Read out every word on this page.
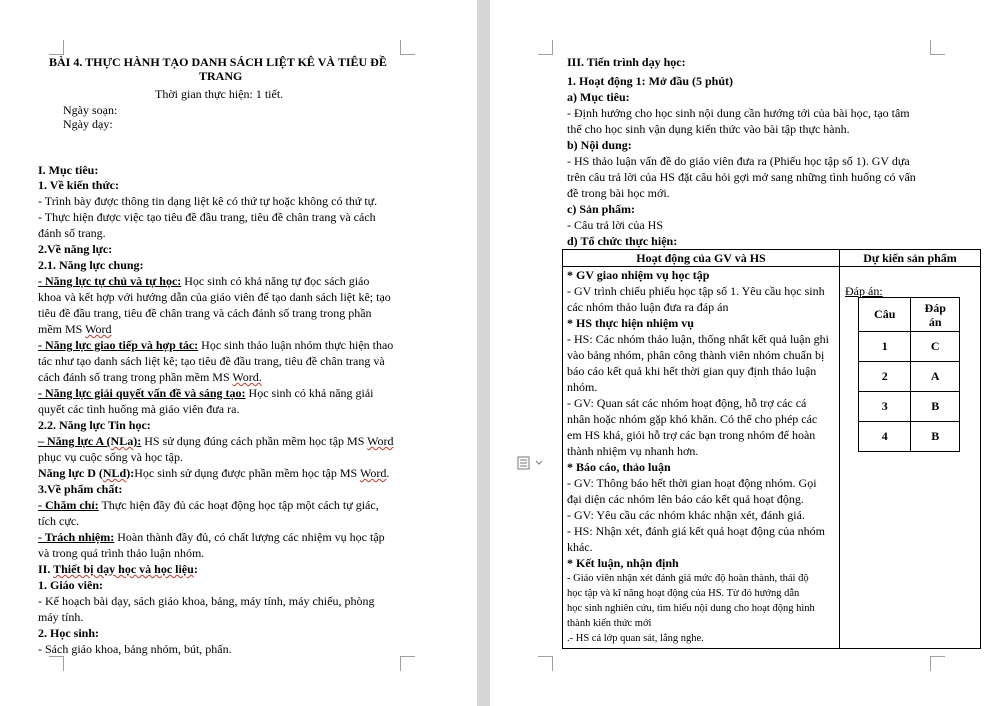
BÀI 4. THỰC HÀNH TẠO DANH SÁCH LIỆT KÊ VÀ TIÊU ĐỀ
TRANG
Thời gian thực hiện: 1 tiết.
Ngày soạn:
Ngày dạy:
I. Mục tiêu:
1. Về kiến thức:
- Trình bày được thông tin dạng liệt kê có thứ tự hoặc không có thứ tự.
- Thực hiện được việc tạo tiêu đề đầu trang, tiêu đề chân trang và cách
đánh số trang.
2.Về năng lực:
2.1. Năng lực chung:
- Năng lực tự chủ và tự học: Học sinh có khả năng tự đọc sách giáo
khoa và kết hợp với hướng dẫn của giáo viên để tạo danh sách liệt kê; tạo
tiêu đề đầu trang, tiêu đề chân trang và cách đánh số trang trong phần
mềm MS Word
- Năng lực giao tiếp và hợp tác: Học sinh thảo luận nhóm thực hiện thao
tác như tạo danh sách liệt kê; tạo tiêu đề đầu trang, tiêu đề chân trang và
cách đánh số trang trong phần mềm MS Word.
- Năng lực giải quyết vấn đề và sáng tạo: Học sinh có khả năng giải
quyết các tình huống mà giáo viên đưa ra.
2.2. Năng lực Tin học:
– Năng lực A (NLa): HS sử dụng đúng cách phần mềm học tập MS Word
phục vụ cuộc sống và học tập.
Năng lực D (NLd):Học sinh sử dụng được phần mềm học tập MS Word.
3.Về phẩm chất:
- Chăm chỉ: Thực hiện đầy đủ các hoạt động học tập một cách tự giác,
tích cực.
- Trách nhiệm: Hoàn thành đầy đủ, có chất lượng các nhiệm vụ học tập
và trong quá trình thảo luận nhóm.
II. Thiết bị dạy học và học liệu:
1. Giáo viên:
- Kế hoạch bài dạy, sách giáo khoa, bảng, máy tính, máy chiếu, phòng
máy tính.
2. Học sinh:
- Sách giáo khoa, bảng nhóm, bút, phấn.
III. Tiến trình dạy học:
1. Hoạt động 1: Mở đầu (5 phút)
a) Mục tiêu:
- Định hướng cho học sinh nội dung cần hướng tới của bài học, tạo tâm
thế cho học sinh vận dụng kiến thức vào bài tập thực hành.
b) Nội dung:
- HS thảo luận vấn đề do giáo viên đưa ra (Phiếu học tập số 1). GV dựa
trên câu trả lời của HS đặt câu hỏi gợi mở sang những tình huống có vấn
đề trong bài học mới.
c) Sản phẩm:
- Câu trả lời của HS
d) Tổ chức thực hiện:
Hoạt động của GV và HS	Dự kiến sản phẩm
* GV giao nhiệm vụ học tập
- GV trình chiếu phiếu học tập số 1. Yêu cầu học sinh
các nhóm thảo luận đưa ra đáp án
* HS thực hiện nhiệm vụ
- HS: Các nhóm thảo luận, thống nhất kết quả luận ghi
vào bảng nhóm, phân công thành viên nhóm chuẩn bị
báo cáo kết quả khi hết thời gian quy định thảo luận
nhóm.
- GV: Quan sát các nhóm hoạt động, hỗ trợ các cá
nhân hoặc nhóm gặp khó khăn. Có thể cho phép các
em HS khá, giỏi hỗ trợ các bạn trong nhóm để hoàn
thành nhiệm vụ nhanh hơn.
* Báo cáo, thảo luận
- GV: Thông báo hết thời gian hoạt động nhóm. Gọi
đại diện các nhóm lên báo cáo kết quả hoạt động.
- GV: Yêu cầu các nhóm khác nhận xét, đánh giá.
- HS: Nhận xét, đánh giá kết quả hoạt động của nhóm
khác.
* Kết luận, nhận định
- Giáo viên nhận xét đánh giá mức độ hoàn thành, thái độ
học tập và kĩ năng hoạt động của HS. Từ đó hướng dẫn
học sinh nghiên cứu, tìm hiểu nội dung cho hoạt động hình
thành kiến thức mới
.- HS cả lớp quan sát, lắng nghe.
Đáp án:
Câu	Đáp
án
1	C
2	A
3	B
4	B
